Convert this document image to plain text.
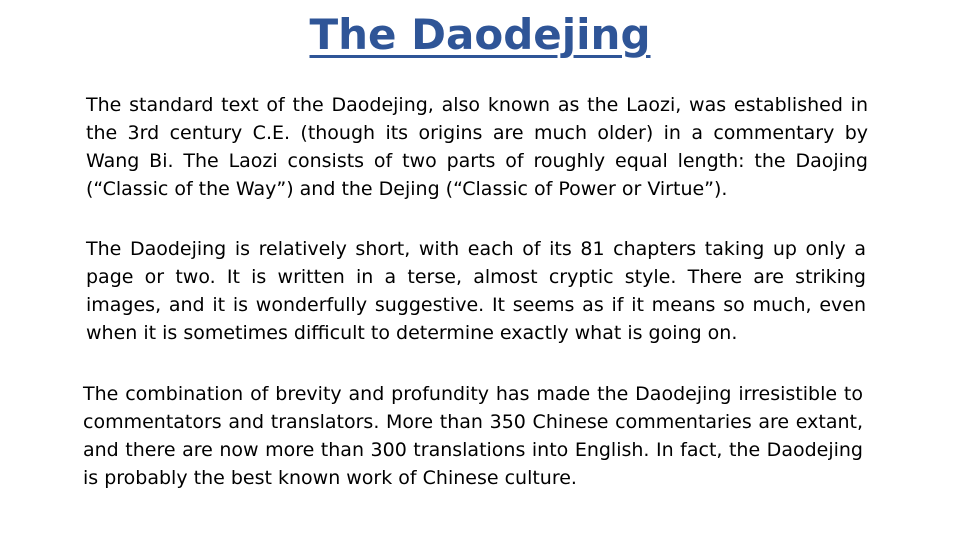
The Daodejing

The standard text of the Daodejing, also known as the Laozi, was established in the 3rd century C.E. (though its origins are much older) in a commentary by Wang Bi. The Laozi consists of two parts of roughly equal length: the Daojing (“Classic of the Way”) and the Dejing (“Classic of Power or Virtue”).

The Daodejing is relatively short, with each of its 81 chapters taking up only a page or two. It is written in a terse, almost cryptic style. There are striking images, and it is wonderfully suggestive. It seems as if it means so much, even when it is sometimes difficult to determine exactly what is going on.

The combination of brevity and profundity has made the Daodejing irresistible to commentators and translators. More than 350 Chinese commentaries are extant, and there are now more than 300 translations into English. In fact, the Daodejing is probably the best known work of Chinese culture.
